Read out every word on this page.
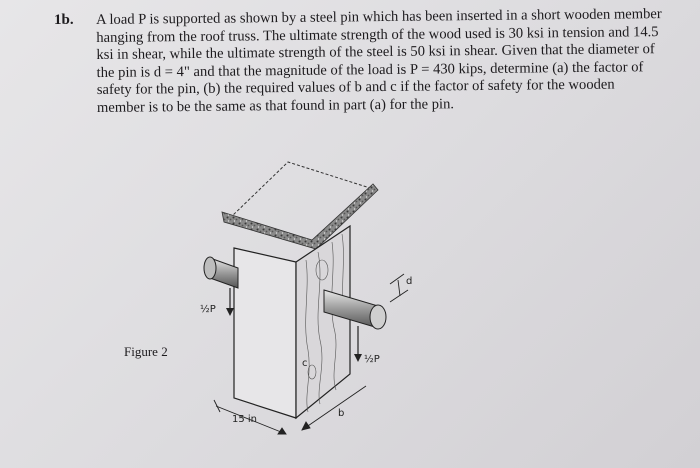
1b. A load P is supported as shown by a steel pin which has been inserted in a short wooden member hanging from the roof truss. The ultimate strength of the wood used is 30 ksi in tension and 14.5 ksi in shear, while the ultimate strength of the steel is 50 ksi in shear. Given that the diameter of the pin is d = 4" and that the magnitude of the load is P = 430 kips, determine (a) the factor of safety for the pin, (b) the required values of b and c if the factor of safety for the wooden member is to be the same as that found in part (a) for the pin.

Figure 2
½P
½P
d
b
c
15 in
